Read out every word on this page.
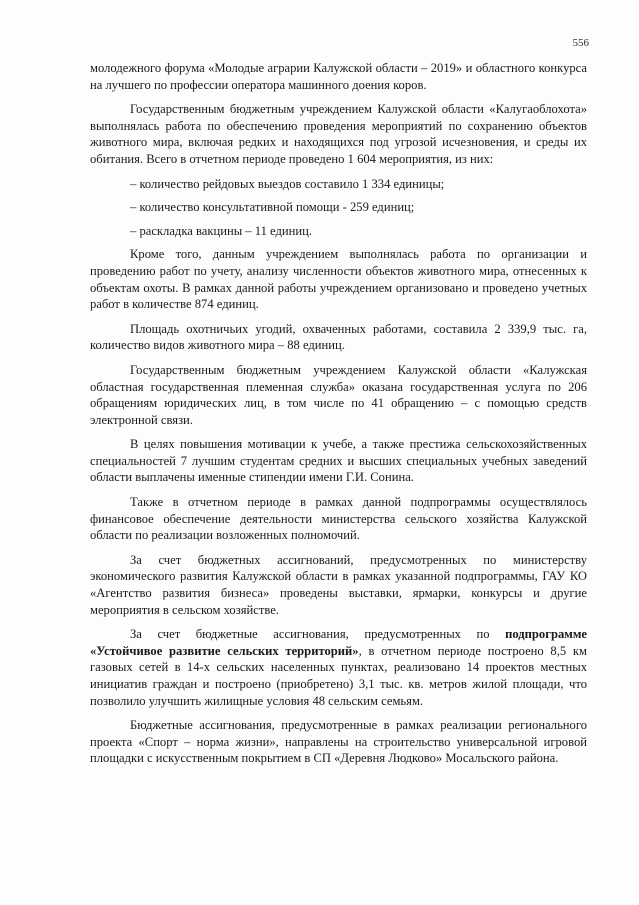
556

молодежного форума «Молодые аграрии Калужской области – 2019» и областного конкурса на лучшего по профессии оператора машинного доения коров.

Государственным бюджетным учреждением Калужской области «Калугаоблохота» выполнялась работа по обеспечению проведения мероприятий по сохранению объектов животного мира, включая редких и находящихся под угрозой исчезновения, и среды их обитания. Всего в отчетном периоде проведено 1 604 мероприятия, из них:

– количество рейдовых выездов составило 1 334 единицы;

– количество консультативной помощи - 259 единиц;

– раскладка вакцины – 11 единиц.

Кроме того, данным учреждением выполнялась работа по организации и проведению работ по учету, анализу численности объектов животного мира, отнесенных к объектам охоты. В рамках данной работы учреждением организовано и проведено учетных работ в количестве 874 единиц.

Площадь охотничьих угодий, охваченных работами, составила 2 339,9 тыс. га, количество видов животного мира – 88 единиц.

Государственным бюджетным учреждением Калужской области «Калужская областная государственная племенная служба» оказана государственная услуга по 206 обращениям юридических лиц, в том числе по 41 обращению – с помощью средств электронной связи.

В целях повышения мотивации к учебе, а также престижа сельскохозяйственных специальностей 7 лучшим студентам средних и высших специальных учебных заведений области выплачены именные стипендии имени Г.И. Сонина.

Также в отчетном периоде в рамках данной подпрограммы осуществлялось финансовое обеспечение деятельности министерства сельского хозяйства Калужской области по реализации возложенных полномочий.

За счет бюджетных ассигнований, предусмотренных по министерству экономического развития Калужской области в рамках указанной подпрограммы, ГАУ КО «Агентство развития бизнеса» проведены выставки, ярмарки, конкурсы и другие мероприятия в сельском хозяйстве.

За счет бюджетные ассигнования, предусмотренных по подпрограмме «Устойчивое развитие сельских территорий», в отчетном периоде построено 8,5 км газовых сетей в 14-х сельских населенных пунктах, реализовано 14 проектов местных инициатив граждан и построено (приобретено) 3,1 тыс. кв. метров жилой площади, что позволило улучшить жилищные условия 48 сельским семьям.

Бюджетные ассигнования, предусмотренные в рамках реализации регионального проекта «Спорт – норма жизни», направлены на строительство универсальной игровой площадки с искусственным покрытием в СП «Деревня Людково» Мосальского района.
